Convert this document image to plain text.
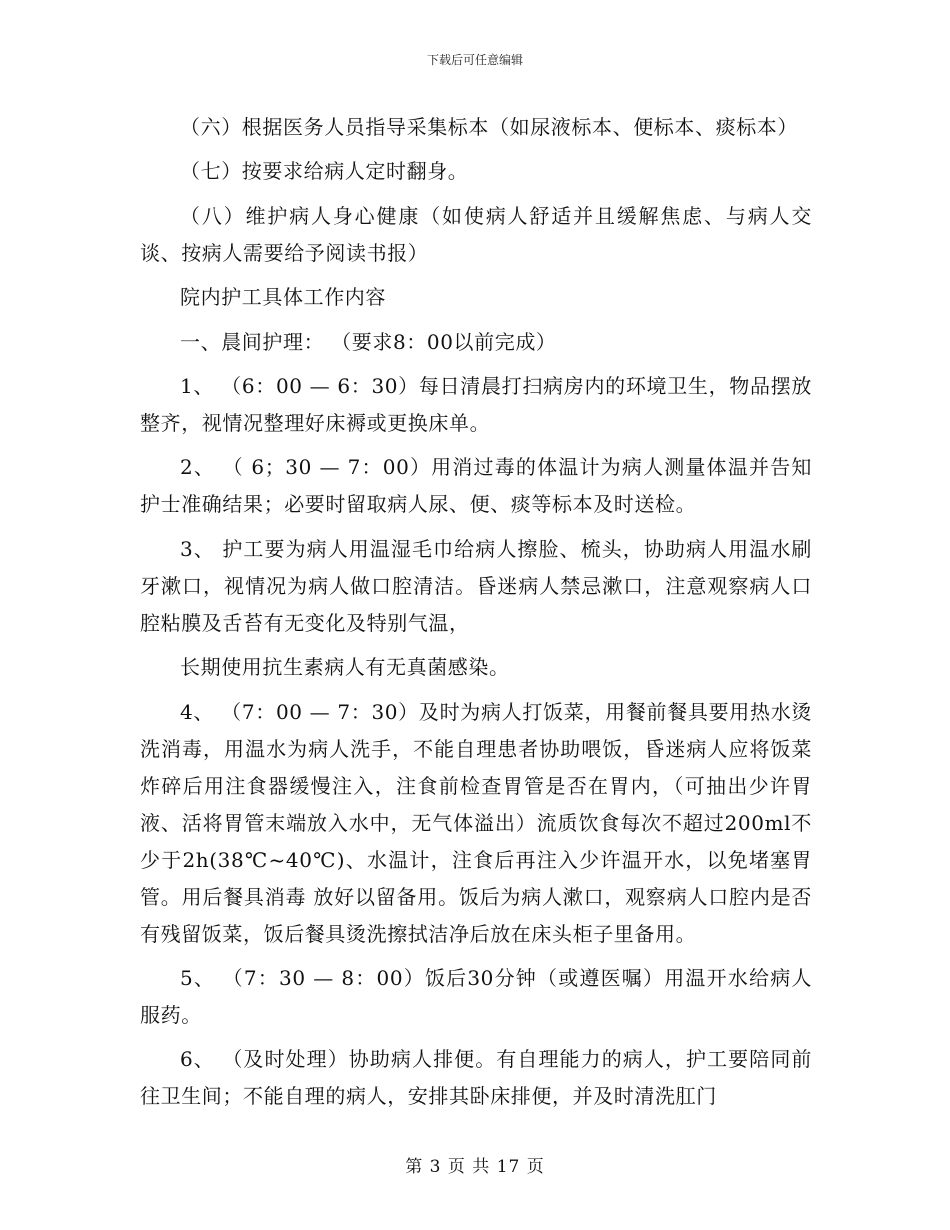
下载后可任意编辑

（六）根据医务人员指导采集标本（如尿液标本、便标本、痰标本）

（七）按要求给病人定时翻身。

（八）维护病人身心健康（如使病人舒适并且缓解焦虑、与病人交谈、按病人需要给予阅读书报）

院内护工具体工作内容

一、晨间护理： （要求8：00以前完成）

1、 （6：00 — 6：30）每日清晨打扫病房内的环境卫生，物品摆放整齐，视情况整理好床褥或更换床单。

2、 （ 6；30 — 7：00）用消过毒的体温计为病人测量体温并告知护士准确结果；必要时留取病人尿、便、痰等标本及时送检。

3、 护工要为病人用温湿毛巾给病人擦脸、梳头，协助病人用温水刷牙漱口，视情况为病人做口腔清洁。昏迷病人禁忌漱口，注意观察病人口腔粘膜及舌苔有无变化及特别气温，

长期使用抗生素病人有无真菌感染。

4、 （7：00 — 7：30）及时为病人打饭菜，用餐前餐具要用热水烫洗消毒，用温水为病人洗手，不能自理患者协助喂饭，昏迷病人应将饭菜炸碎后用注食器缓慢注入，注食前检查胃管是否在胃内，（可抽出少许胃液、活将胃管末端放入水中，无气体溢出）流质饮食每次不超过200ml不少于2h(38℃~40℃)、水温计，注食后再注入少许温开水，以免堵塞胃管。用后餐具消毒 放好以留备用。饭后为病人漱口，观察病人口腔内是否有残留饭菜，饭后餐具烫洗擦拭洁净后放在床头柜子里备用。

5、 （7：30 — 8：00）饭后30分钟（或遵医嘱）用温开水给病人服药。

6、 （及时处理）协助病人排便。有自理能力的病人，护工要陪同前往卫生间；不能自理的病人，安排其卧床排便，并及时清洗肛门

第 3 页 共 17 页
